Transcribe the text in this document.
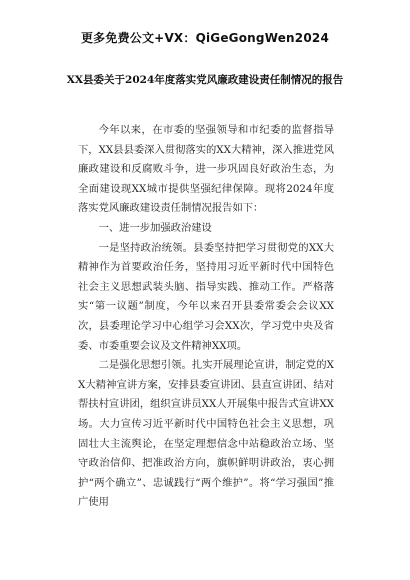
更多免费公文+VX：QiGeGongWen2024
XX县委关于2024年度落实党风廉政建设责任制情况的报告

今年以来，在市委的坚强领导和市纪委的监督指导下，XX县县委深入贯彻落实的XX大精神，深入推进党风廉政建设和反腐败斗争，进一步巩固良好政治生态，为全面建设现XX城市提供坚强纪律保障。现将2024年度落实党风廉政建设责任制情况报告如下：

一、进一步加强政治建设

一是坚持政治统领。县委坚持把学习贯彻党的XX大精神作为首要政治任务，坚持用习近平新时代中国特色社会主义思想武装头脑、指导实践、推动工作。严格落实“第一议题”制度，今年以来召开县委常委会会议XX次，县委理论学习中心组学习会XX次，学习党中央及省委、市委重要会议及文件精神XX项。

二是强化思想引领。扎实开展理论宣讲，制定党的XX大精神宣讲方案，安排县委宣讲团、县直宣讲团、结对帮扶村宣讲团，组织宣讲员XX人开展集中报告式宣讲XX场。大力宣传习近平新时代中国特色社会主义思想，巩固壮大主流舆论，在坚定理想信念中站稳政治立场、坚守政治信仰、把准政治方向，旗帜鲜明讲政治，衷心拥护“两个确立”、忠诚践行“两个维护”。将“学习强国”推广使用
